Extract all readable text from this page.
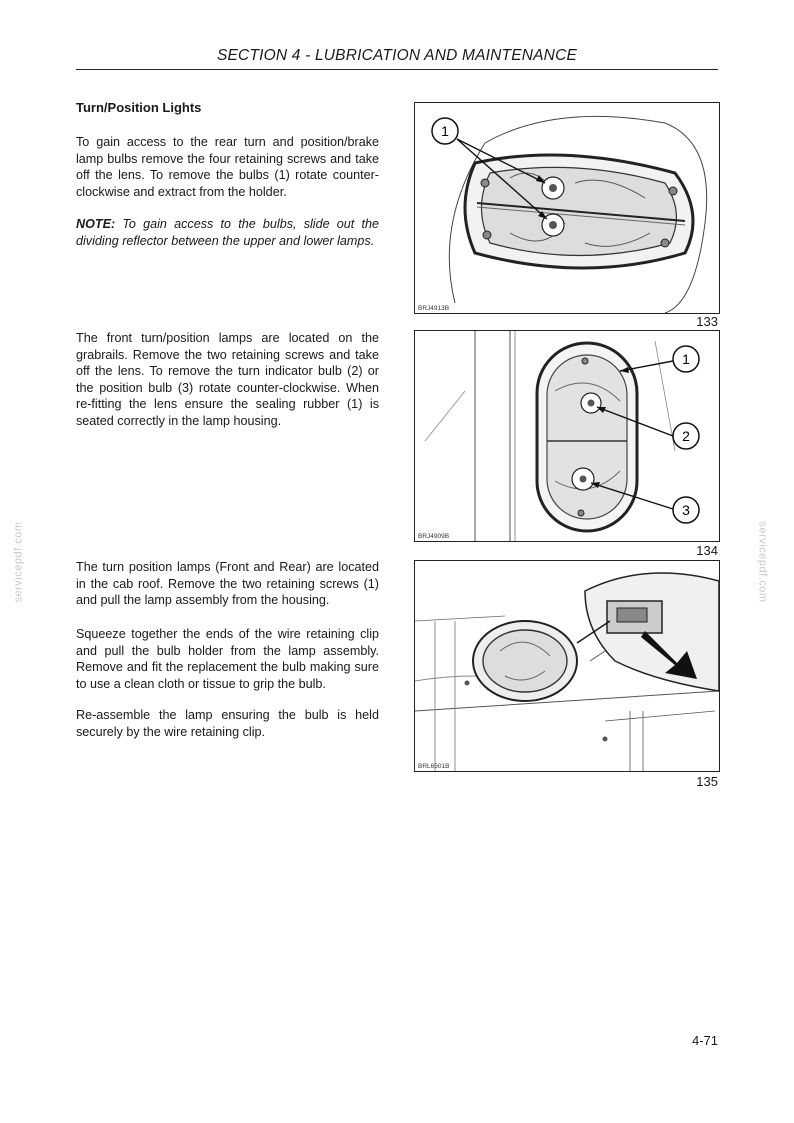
SECTION 4 - LUBRICATION AND MAINTENANCE

Turn/Position Lights

To gain access to the rear turn and position/brake lamp bulbs remove the four retaining screws and take off the lens. To remove the bulbs (1) rotate counter-clockwise and extract from the holder.

NOTE: To gain access to the bulbs, slide out the dividing reflector between the upper and lower lamps.

The front turn/position lamps are located on the grabrails. Remove the two retaining screws and take off the lens. To remove the turn indicator bulb (2) or the position bulb (3) rotate counter-clockwise. When re-fitting the lens ensure the sealing rubber (1) is seated correctly in the lamp housing.

The turn position lamps (Front and Rear) are located in the cab roof. Remove the two retaining screws (1) and pull the lamp assembly from the housing.

Squeeze together the ends of the wire retaining clip and pull the bulb holder from the lamp assembly. Remove and fit the replacement the bulb making sure to use a clean cloth or tissue to grip the bulb.

Re-assemble the lamp ensuring the bulb is held securely by the wire retaining clip.

1
BRJ4913B
133
1
2
3
BRJ4909B
134
BRL6501B
135
servicepdf.com	servicepdf.com
4-71
